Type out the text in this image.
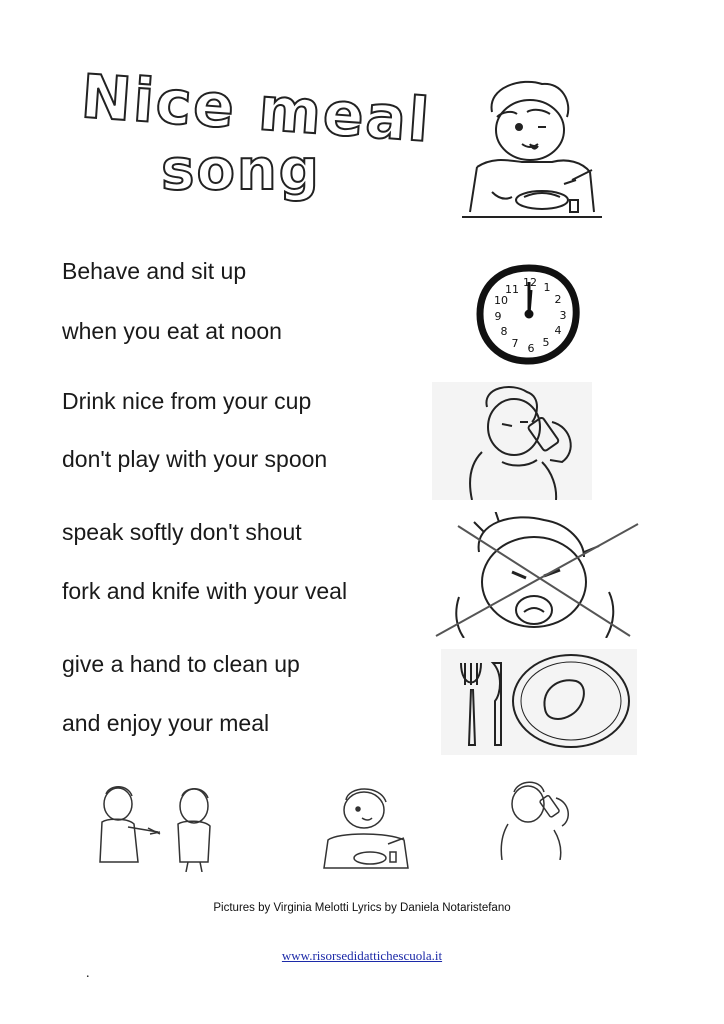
Nice meal
song
Behave and sit up
when you eat at noon
Drink nice from your cup
don't play with your spoon
speak softly don't shout
fork and knife with your veal
give a hand to clean up
and enjoy your meal
12 1
2
3
4
5
6
7
8
9
10
11
Pictures by Virginia Melotti Lyrics by Daniela Notaristefano
www.risorsedidattichescuola.it
.
